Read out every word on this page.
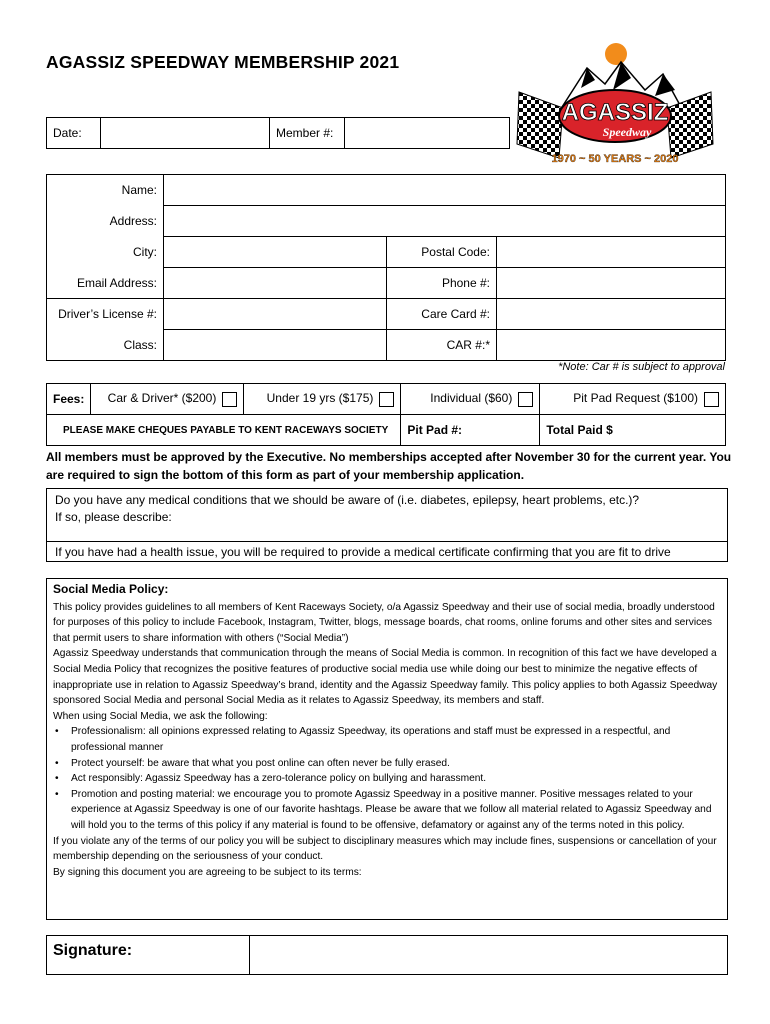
AGASSIZ SPEEDWAY MEMBERSHIP 2021
AGASSIZ
Speedway
1970 ~ 50 YEARS ~ 2020
Date:		Member #:	
Name:			
Address:			
City:		Postal Code:	
Email Address:		Phone #:	
Driver’s License #:		Care Card #:	
Class:		CAR #:*	
*Note: Car # is subject to approval
Fees:	Car & Driver* ($200)	Under 19 yrs ($175)	Individual ($60)	Pit Pad Request ($100)
PLEASE MAKE CHEQUES PAYABLE TO KENT RACEWAYS SOCIETY			Pit Pad #:	Total Paid $
All members must be approved by the Executive. No memberships accepted after November 30 for the current year. You are required to sign the bottom of this form as part of your membership application.
Do you have any medical conditions that we should be aware of (i.e. diabetes, epilepsy, heart problems, etc.)?
If so, please describe:
If you have had a health issue, you will be required to provide a medical certificate confirming that you are fit to drive
Social Media Policy:

This policy provides guidelines to all members of Kent Raceways Society, o/a Agassiz Speedway and their use of social media, broadly understood for purposes of this policy to include Facebook, Instagram, Twitter, blogs, message boards, chat rooms, online forums and other sites and services that permit users to share information with others (“Social Media”)

Agassiz Speedway understands that communication through the means of Social Media is common. In recognition of this fact we have developed a Social Media Policy that recognizes the positive features of productive social media use while doing our best to minimize the negative effects of inappropriate use in relation to Agassiz Speedway’s brand, identity and the Agassiz Speedway family. This policy applies to both Agassiz Speedway sponsored Social Media and personal Social Media as it relates to Agassiz Speedway, its members and staff.

When using Social Media, we ask the following:

• Professionalism: all opinions expressed relating to Agassiz Speedway, its operations and staff must be expressed in a respectful, and professional manner
• Protect yourself: be aware that what you post online can often never be fully erased.
• Act responsibly: Agassiz Speedway has a zero-tolerance policy on bullying and harassment.
• Promotion and posting material: we encourage you to promote Agassiz Speedway in a positive manner. Positive messages related to your experience at Agassiz Speedway is one of our favorite hashtags. Please be aware that we follow all material related to Agassiz Speedway and will hold you to the terms of this policy if any material is found to be offensive, defamatory or against any of the terms noted in this policy.

If you violate any of the terms of our policy you will be subject to disciplinary measures which may include fines, suspensions or cancellation of your membership depending on the seriousness of your conduct.

By signing this document you are agreeing to be subject to its terms:

Signature:
